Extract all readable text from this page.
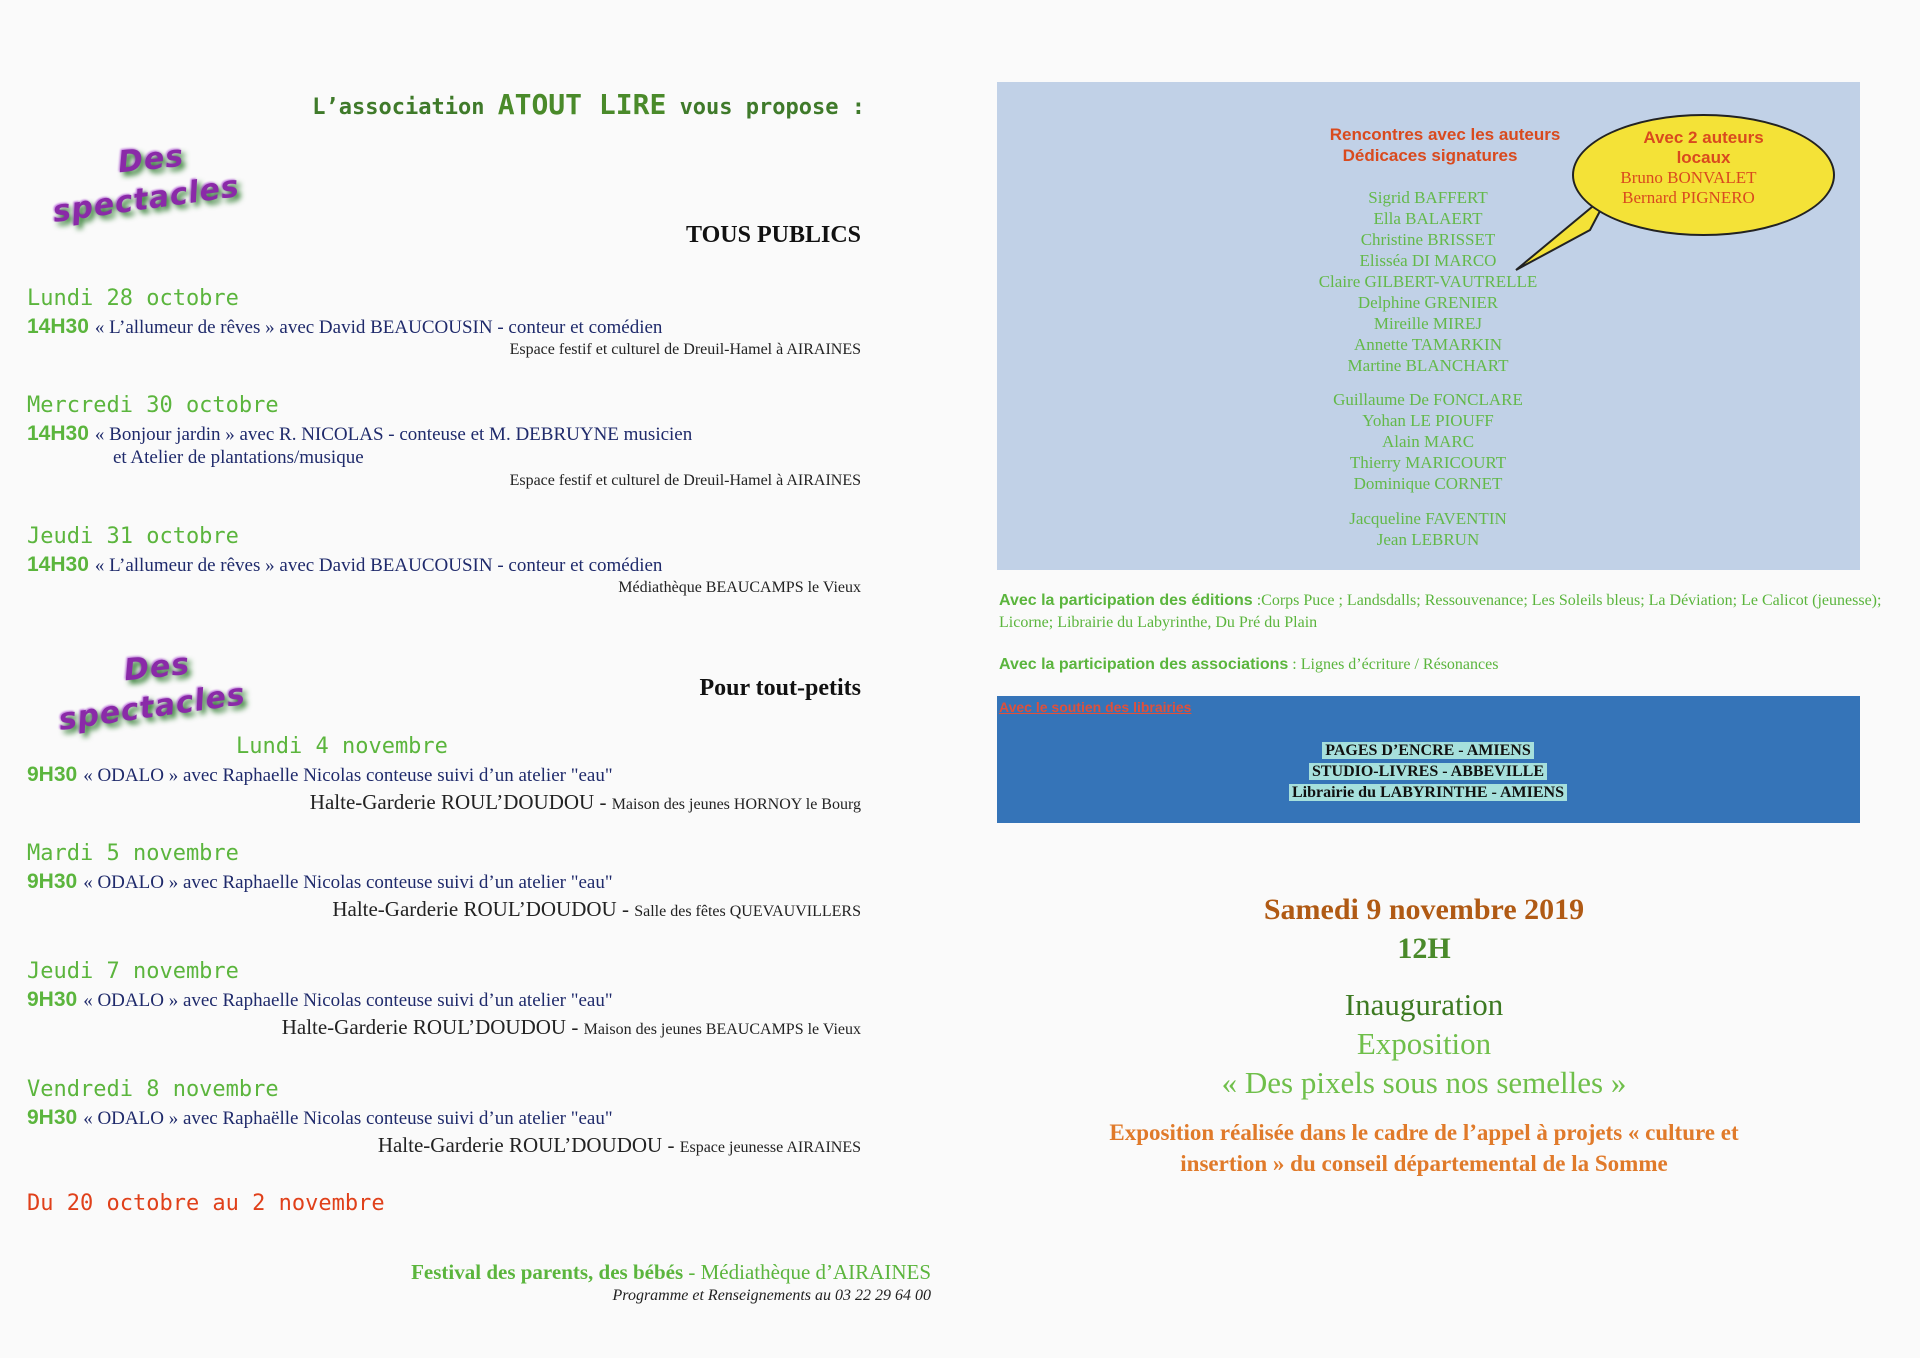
L’association ATOUT LIRE vous propose :
Des
spectacles
TOUS PUBLICS
Lundi 28 octobre
14H30 « L’allumeur de rêves » avec David BEAUCOUSIN - conteur et comédien
Espace festif et culturel de Dreuil-Hamel à AIRAINES
Mercredi 30 octobre
14H30 « Bonjour jardin » avec R. NICOLAS - conteuse et M. DEBRUYNE musicien
et Atelier de plantations/musique
Espace festif et culturel de Dreuil-Hamel à AIRAINES
Jeudi 31 octobre
14H30 « L’allumeur de rêves » avec David BEAUCOUSIN - conteur et comédien
Médiathèque BEAUCAMPS le Vieux
Des
spectacles	Pour tout-petits
Lundi 4 novembre
9H30 « ODALO » avec Raphaelle Nicolas conteuse suivi d’un atelier "eau"
Halte-Garderie ROUL’DOUDOU - Maison des jeunes HORNOY le Bourg
Mardi 5 novembre
9H30 « ODALO » avec Raphaelle Nicolas conteuse suivi d’un atelier "eau"
Halte-Garderie ROUL’DOUDOU - Salle des fêtes QUEVAUVILLERS
Jeudi 7 novembre
9H30 « ODALO » avec Raphaelle Nicolas conteuse suivi d’un atelier "eau"
Halte-Garderie ROUL’DOUDOU - Maison des jeunes BEAUCAMPS le Vieux
Vendredi 8 novembre
9H30 « ODALO » avec Raphaëlle Nicolas conteuse suivi d’un atelier "eau"
Halte-Garderie ROUL’DOUDOU - Espace jeunesse AIRAINES
Du 20 octobre au 2 novembre
Festival des parents, des bébés - Médiathèque d’AIRAINES
Programme et Renseignements au 03 22 29 64 00
Rencontres avec les auteurs
Dédicaces signatures
Sigrid BAFFERT
Ella BALAERT
Christine BRISSET
Elisséa DI MARCO
Claire GILBERT-VAUTRELLE
Delphine GRENIER
Mireille MIREJ
Annette TAMARKIN
Martine BLANCHART
Guillaume De FONCLARE
Yohan LE PIOUFF
Alain MARC
Thierry MARICOURT
Dominique CORNET
Jacqueline FAVENTIN
Jean LEBRUN
Avec 2 auteurs
locaux
Bruno BONVALET
Bernard PIGNERO
Avec la participation des éditions :Corps Puce ; Landsdalls; Ressouvenance; Les Soleils bleus; La Déviation; Le Calicot (jeunesse); Licorne; Librairie du Labyrinthe, Du Pré du Plain
Avec la participation des associations : Lignes d’écriture / Résonances
Avec le soutien des librairies
PAGES D’ENCRE - AMIENS
STUDIO-LIVRES - ABBEVILLE
Librairie du LABYRINTHE - AMIENS
Samedi 9 novembre 2019
12H
Inauguration
Exposition
« Des pixels sous nos semelles »
Exposition réalisée dans le cadre de l’appel à projets « culture et
insertion » du conseil départemental de la Somme
